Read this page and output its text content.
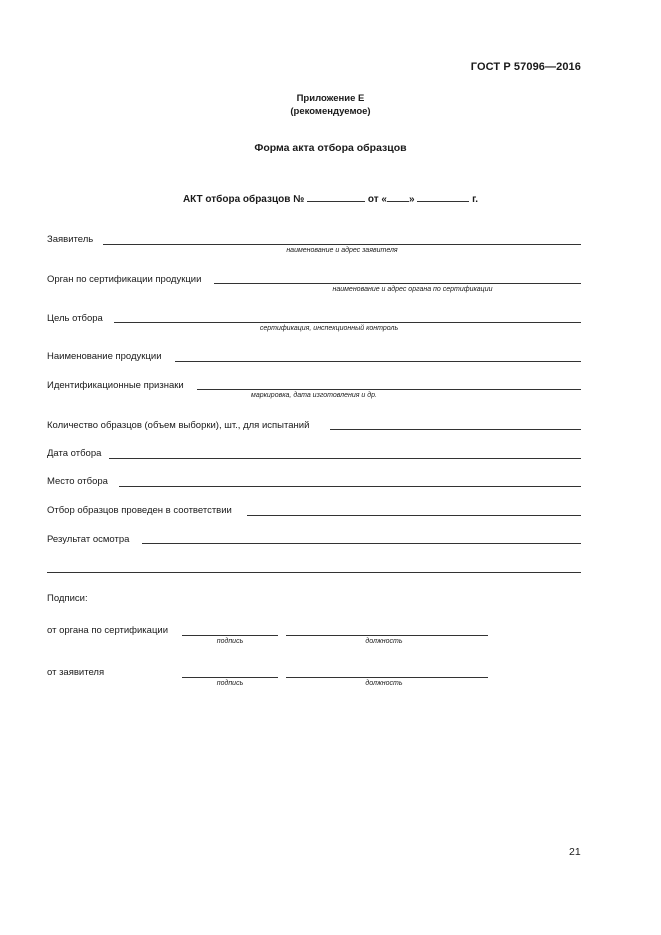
ГОСТ Р 57096—2016
Приложение Е
(рекомендуемое)
Форма акта отбора образцов
АКТ отбора образцов №	от « »	г.
Заявитель
наименование и адрес заявителя
Орган по сертификации продукции
наименование и адрес органа по сертификации
Цель отбора
сертификация, инспекционный контроль
Наименование продукции
Идентификационные признаки
маркировка, дата изготовления и др.
Количество образцов (объем выборки), шт., для испытаний
Дата отбора
Место отбора
Отбор образцов проведен в соответствии
Результат осмотра
Подписи:
от органа по сертификации
подпись	должность
от заявителя
подпись	должность
21
